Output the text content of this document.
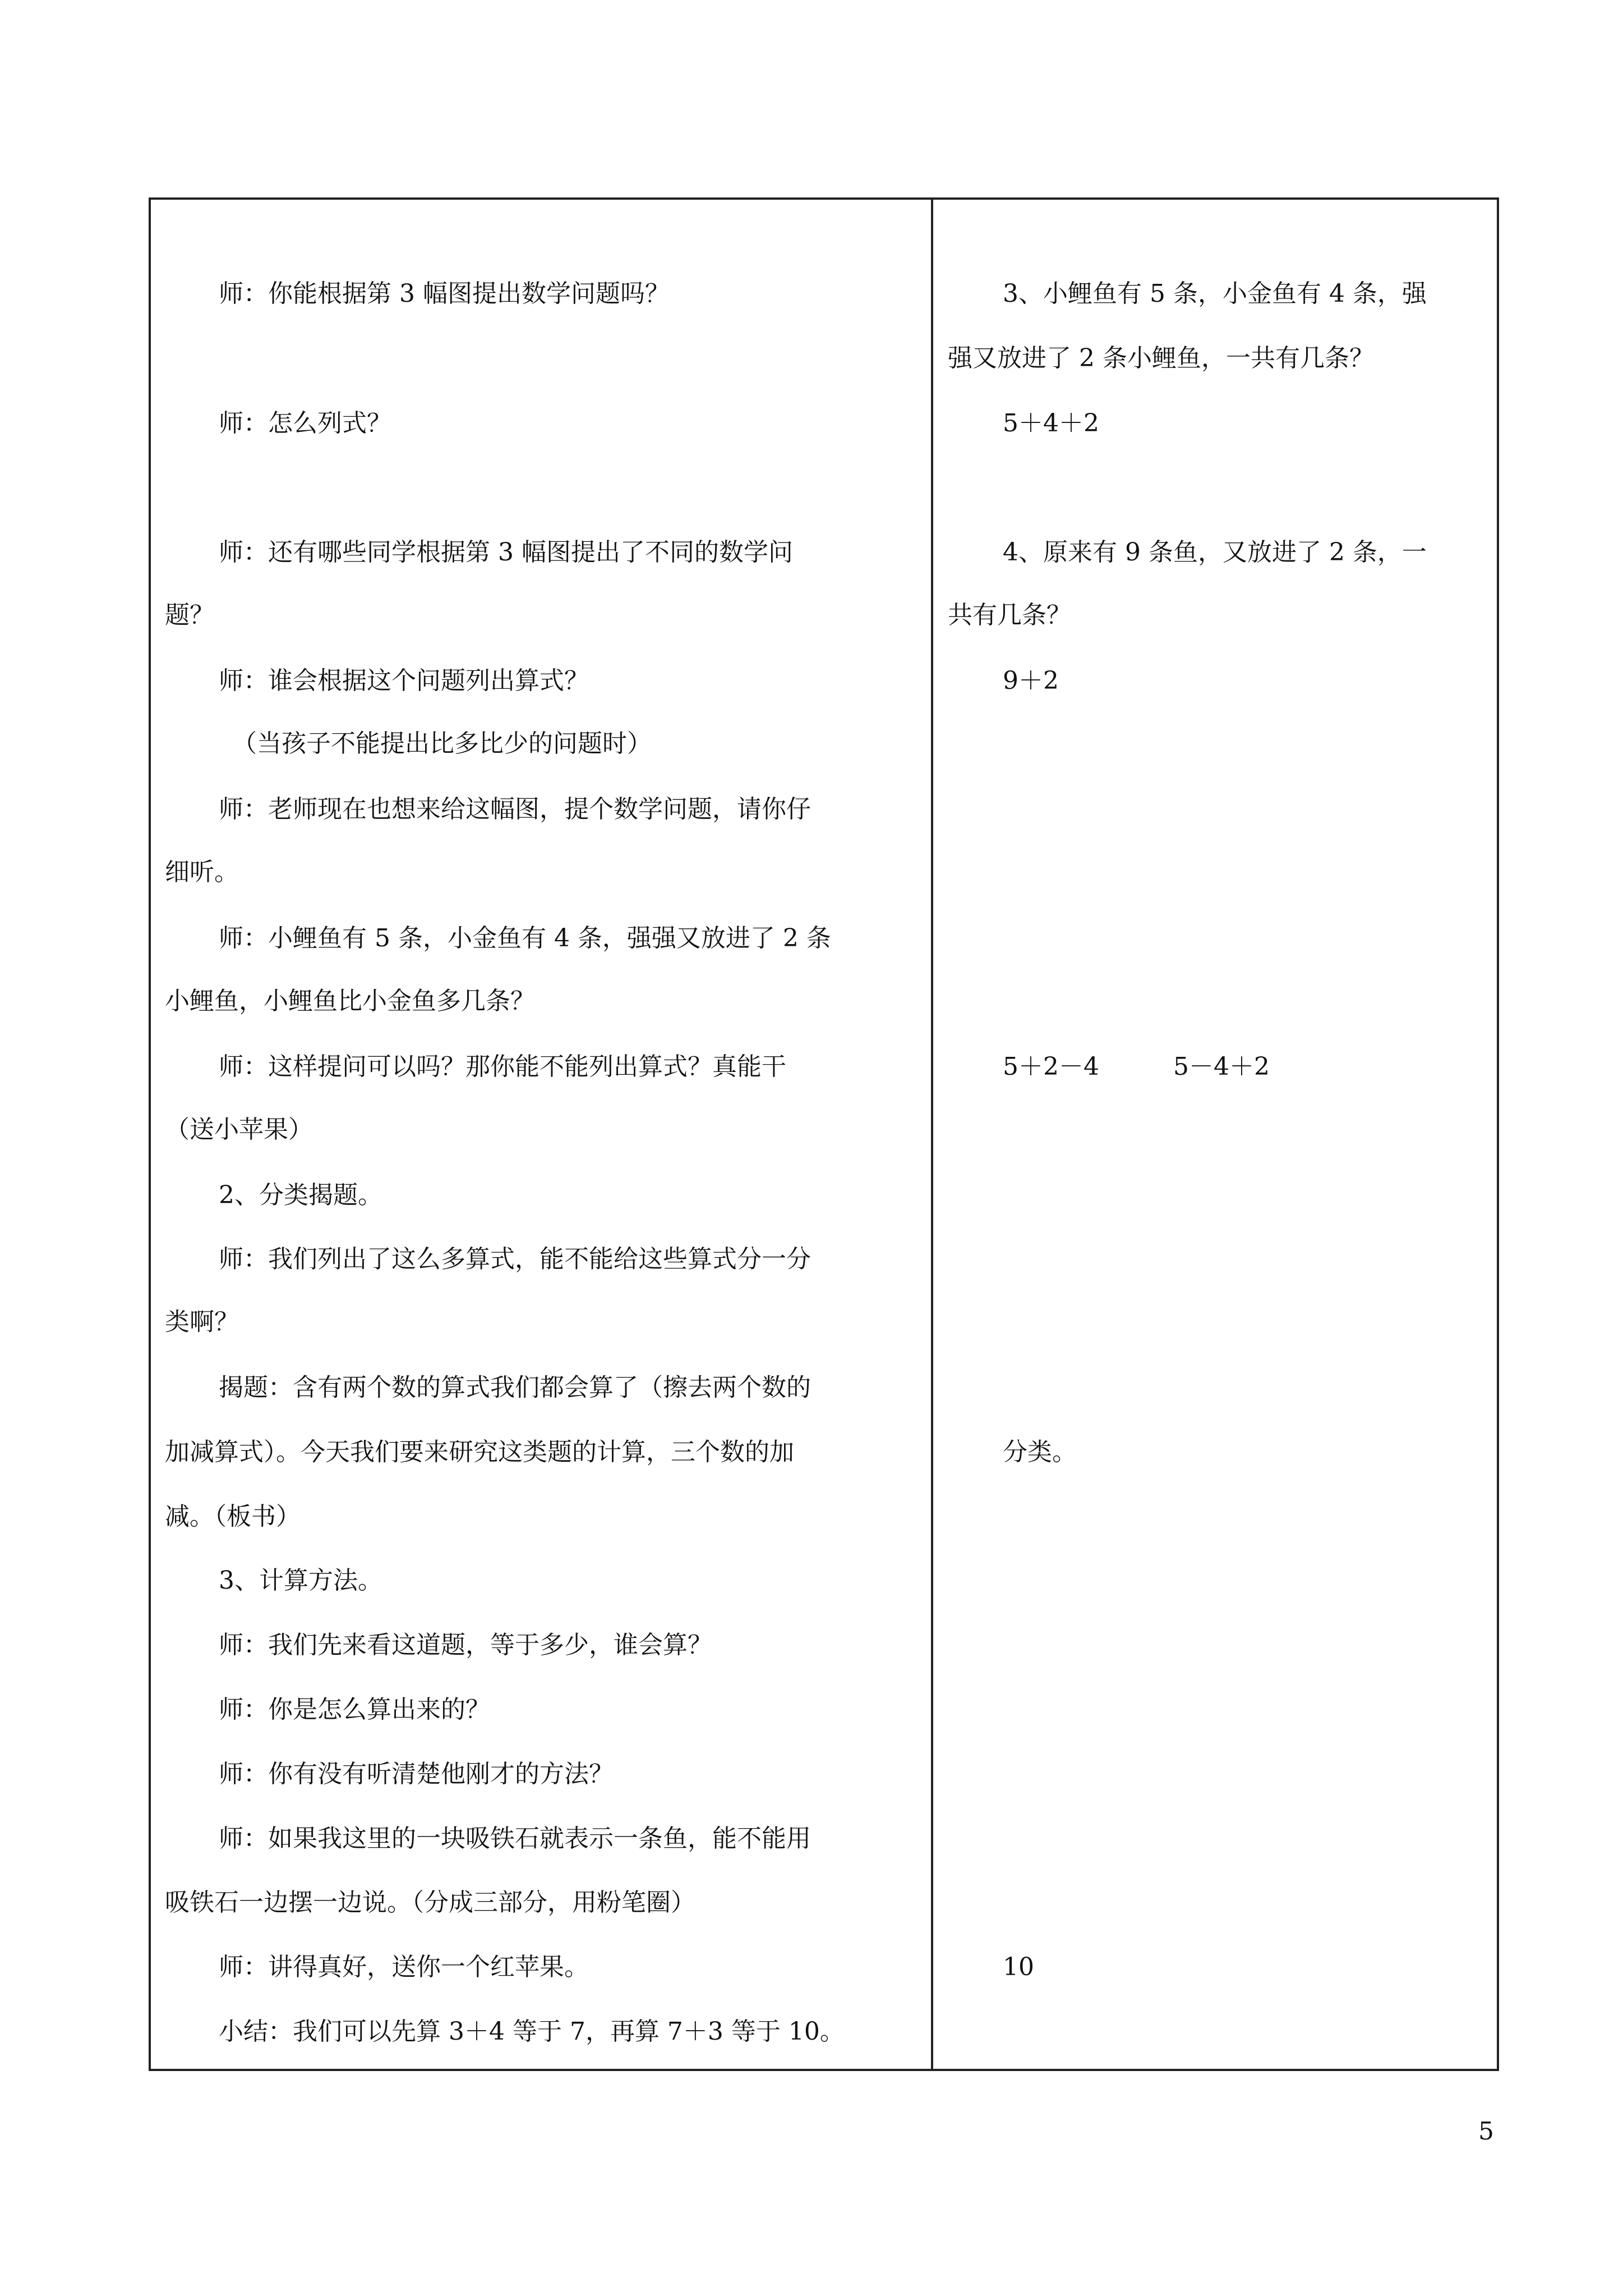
师：你能根据第 3 幅图提出数学问题吗？
师：怎么列式？
师：还有哪些同学根据第 3 幅图提出了不同的数学问
题？
师：谁会根据这个问题列出算式？
（当孩子不能提出比多比少的问题时）
师：老师现在也想来给这幅图，提个数学问题，请你仔
细听。
师：小鲤鱼有 5 条，小金鱼有 4 条，强强又放进了 2 条
小鲤鱼，小鲤鱼比小金鱼多几条？
师：这样提问可以吗？那你能不能列出算式？真能干
（送小苹果）
2、分类揭题。
师：我们列出了这么多算式，能不能给这些算式分一分
类啊？
揭题：含有两个数的算式我们都会算了（擦去两个数的
加减算式）。今天我们要来研究这类题的计算，三个数的加
减。（板书）
3、计算方法。
师：我们先来看这道题，等于多少，谁会算？
师：你是怎么算出来的？
师：你有没有听清楚他刚才的方法？
师：如果我这里的一块吸铁石就表示一条鱼，能不能用
吸铁石一边摆一边说。（分成三部分，用粉笔圈）
师：讲得真好，送你一个红苹果。
小结：我们可以先算 3＋4 等于 7，再算 7＋3 等于 10。
3、小鲤鱼有 5 条，小金鱼有 4 条，强
强又放进了 2 条小鲤鱼，一共有几条？
5＋4＋2
4、原来有 9 条鱼，又放进了 2 条，一
共有几条？
9＋2
5＋2－4　　　5－4＋2
分类。
10
5
